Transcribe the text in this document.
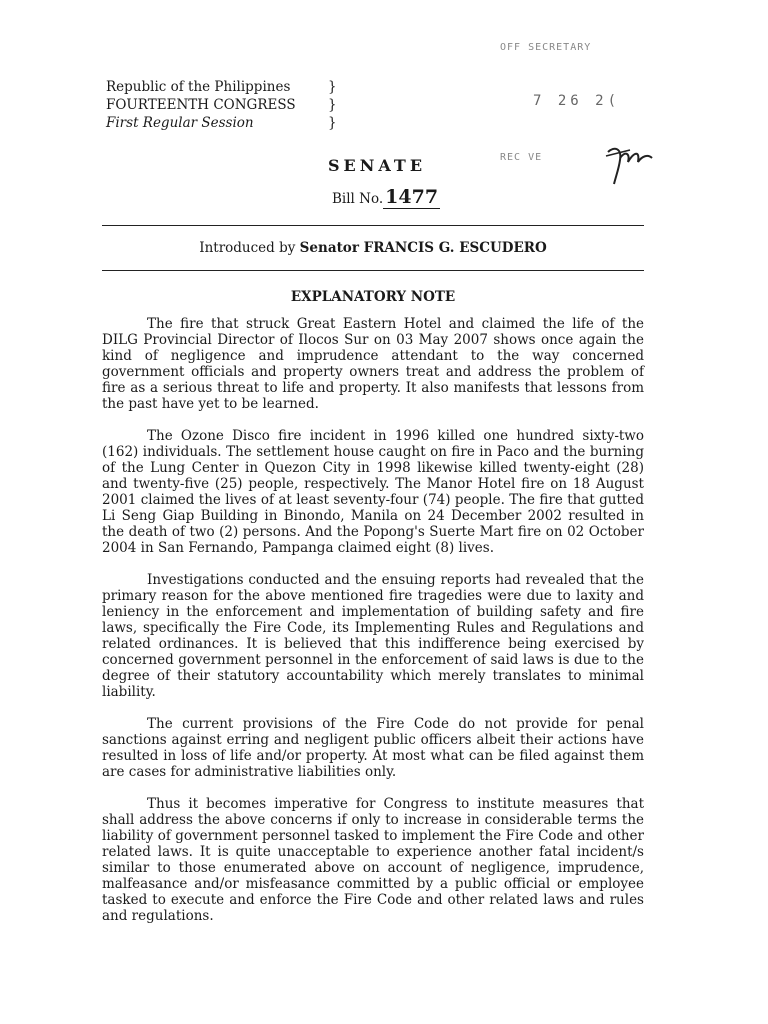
Republic of the Philippines
FOURTEENTH CONGRESS
First Regular Session
}
}
}
OFF SECRETARY
7 26 2(
REC VE
SENATE
Bill No. 1477
Introduced by Senator FRANCIS G. ESCUDERO
EXPLANATORY NOTE

The fire that struck Great Eastern Hotel and claimed the life of the DILG Provincial Director of Ilocos Sur on 03 May 2007 shows once again the kind of negligence and imprudence attendant to the way concerned government officials and property owners treat and address the problem of fire as a serious threat to life and property. It also manifests that lessons from the past have yet to be learned.

The Ozone Disco fire incident in 1996 killed one hundred sixty-two (162) individuals. The settlement house caught on fire in Paco and the burning of the Lung Center in Quezon City in 1998 likewise killed twenty-eight (28) and twenty-five (25) people, respectively. The Manor Hotel fire on 18 August 2001 claimed the lives of at least seventy-four (74) people. The fire that gutted Li Seng Giap Building in Binondo, Manila on 24 December 2002 resulted in the death of two (2) persons. And the Popong's Suerte Mart fire on 02 October 2004 in San Fernando, Pampanga claimed eight (8) lives.

Investigations conducted and the ensuing reports had revealed that the primary reason for the above mentioned fire tragedies were due to laxity and leniency in the enforcement and implementation of building safety and fire laws, specifically the Fire Code, its Implementing Rules and Regulations and related ordinances. It is believed that this indifference being exercised by concerned government personnel in the enforcement of said laws is due to the degree of their statutory accountability which merely translates to minimal liability.

The current provisions of the Fire Code do not provide for penal sanctions against erring and negligent public officers albeit their actions have resulted in loss of life and/or property. At most what can be filed against them are cases for administrative liabilities only.

Thus it becomes imperative for Congress to institute measures that shall address the above concerns if only to increase in considerable terms the liability of government personnel tasked to implement the Fire Code and other related laws. It is quite unacceptable to experience another fatal incident/s similar to those enumerated above on account of negligence, imprudence, malfeasance and/or misfeasance committed by a public official or employee tasked to execute and enforce the Fire Code and other related laws and rules and regulations.
